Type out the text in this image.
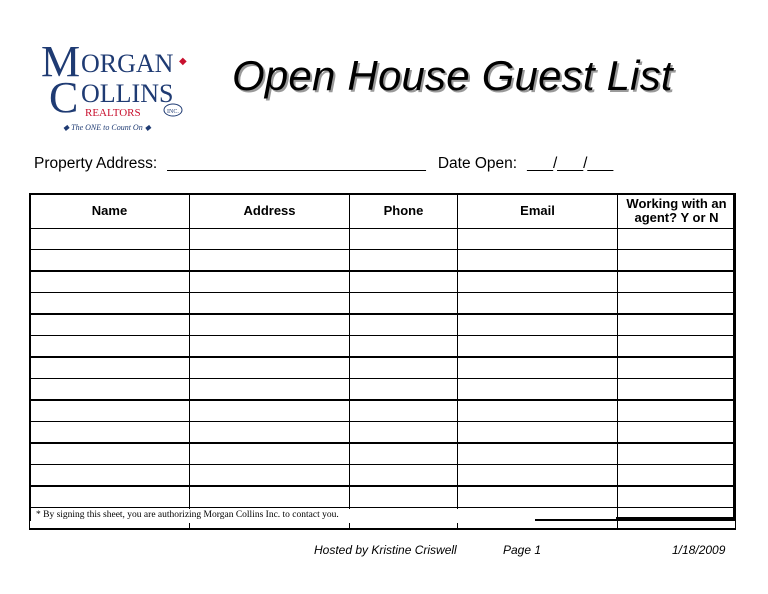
M ORGAN ◆
C OLLINS
REALTORS	INC.
◆ The ONE to Count On ◆
Open House Guest List
Property Address: ______________________________ Date Open: ___/___/___
Name	Address	Phone	Email	Working with an agent? Y or N

* By signing this sheet, you are authorizing Morgan Collins Inc. to contact you.
Hosted by Kristine Criswell	Page 1	1/18/2009
